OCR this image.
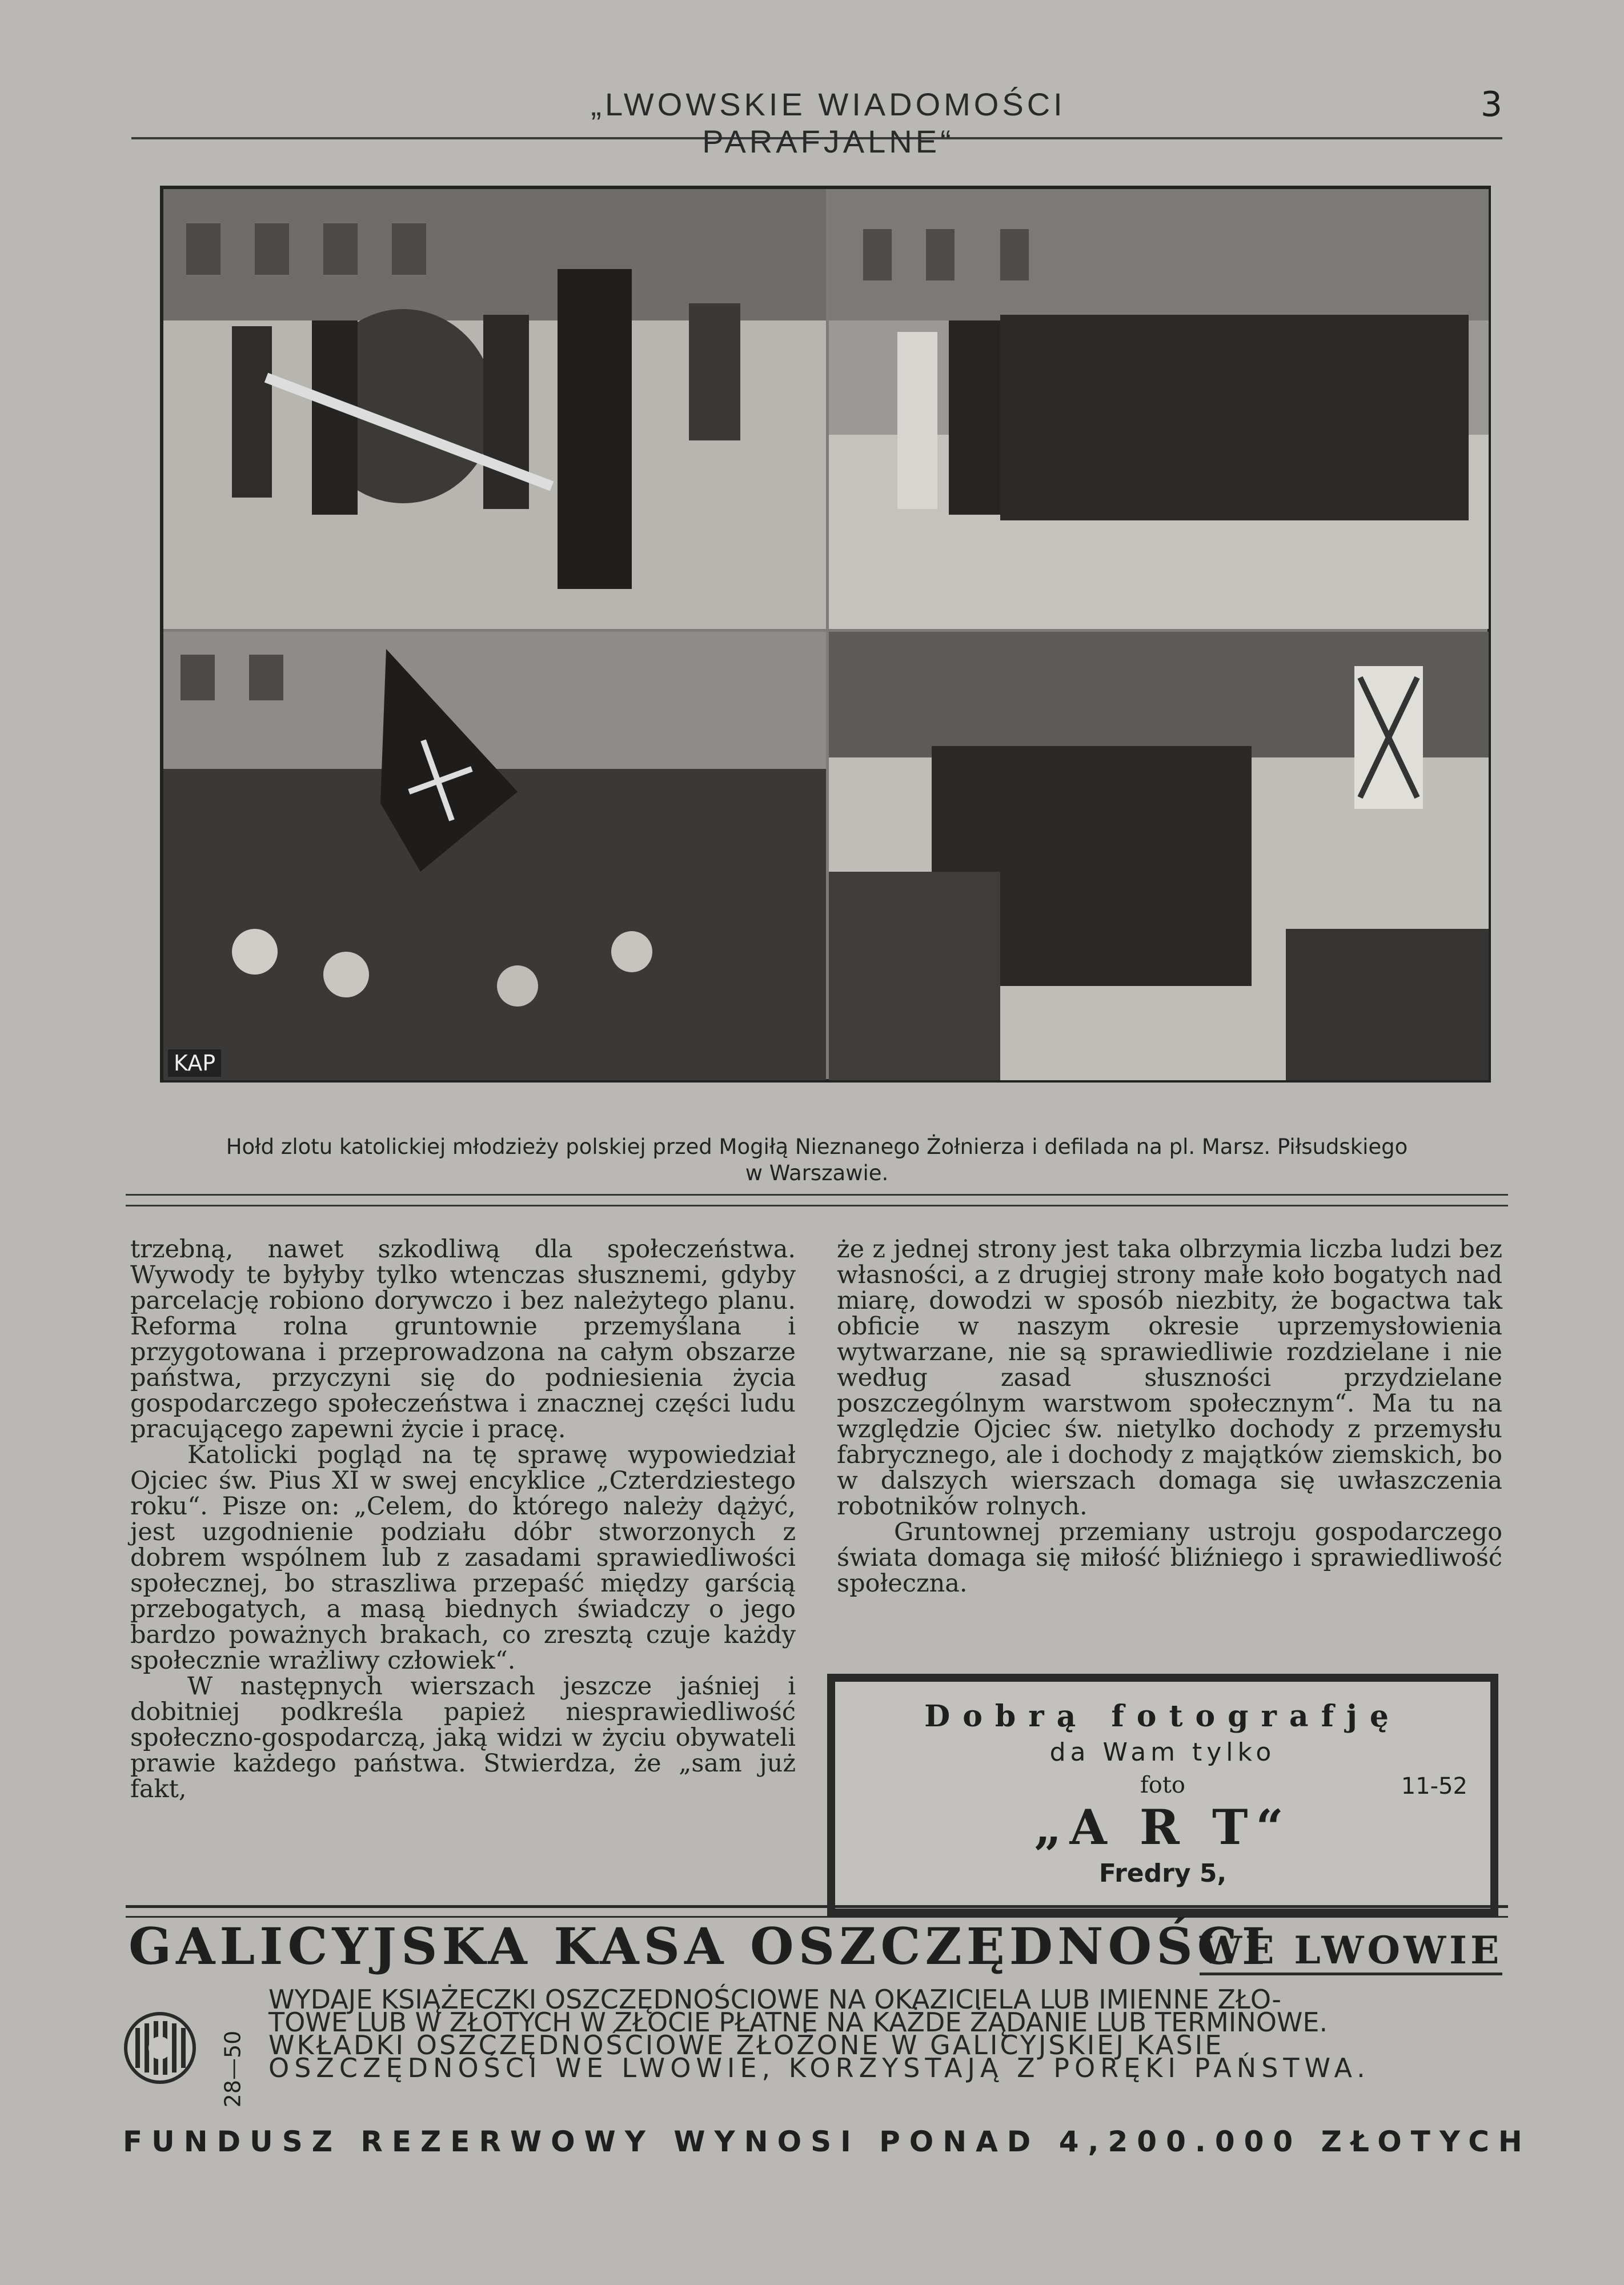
„LWOWSKIE WIADOMOŚCI PARAFJALNE“
3
KAP
Hołd zlotu katolickiej młodzieży polskiej przed Mogiłą Nieznanego Żołnierza i defilada na pl. Marsz. Piłsudskiego
w Warszawie.

trzebną, nawet szkodliwą dla społeczeństwa. Wywody te byłyby tylko wtenczas słusznemi, gdyby parcelację robiono dorywczo i bez należytego planu. Reforma rolna gruntownie przemyślana i przygotowana i przeprowadzona na całym obszarze państwa, przyczyni się do podniesienia życia gospodarczego społeczeństwa i znacznej części ludu pracującego zapewni życie i pracę.

Katolicki pogląd na tę sprawę wypowiedział Ojciec św. Pius XI w swej encyklice „Czterdziestego roku“. Pisze on: „Celem, do którego należy dążyć, jest uzgodnienie podziału dóbr stworzonych z dobrem wspólnem lub z zasadami sprawiedliwości społecznej, bo straszliwa przepaść między garścią przebogatych, a masą biednych świadczy o jego bardzo poważnych brakach, co zresztą czuje każdy społecznie wrażliwy człowiek“.

W następnych wierszach jeszcze jaśniej i dobitniej podkreśla papież niesprawiedliwość społeczno-gospodarczą, jaką widzi w życiu obywateli prawie każdego państwa. Stwierdza, że „sam już fakt,

że z jednej strony jest taka olbrzymia liczba ludzi bez własności, a z drugiej strony małe koło bogatych nad miarę, dowodzi w sposób niezbity, że bogactwa tak obficie w naszym okresie uprzemysłowienia wytwarzane, nie są sprawiedliwie rozdzielane i nie według zasad słuszności przydzielane poszczególnym warstwom społecznym“. Ma tu na względzie Ojciec św. nietylko dochody z przemysłu fabrycznego, ale i dochody z majątków ziemskich, bo w dalszych wierszach domaga się uwłaszczenia robotników rolnych.

Gruntownej przemiany ustroju gospodarczego świata domaga się miłość bliźniego i sprawiedliwość społeczna.

Dobrą fotografję
da Wam tylko
foto	11-52
„A R T“
Fredry 5,
GALICYJSKA KASA OSZCZĘDNOŚCI
WE LWOWIE
28—50
WYDAJE KSIĄŻECZKI OSZCZĘDNOŚCIOWE NA OKAZICIELA LUB IMIENNE ZŁO-
TOWE LUB W ZŁOTYCH W ZŁOCIE PŁATNE NA KAŻDE ŻĄDANIE LUB TERMINOWE.
WKŁADKI OSZCZĘDNOŚCIOWE ZŁOŻONE W GALICYJSKIEJ KASIE
OSZCZĘDNOŚCI WE LWOWIE, KORZYSTAJĄ Z PORĘKI PAŃSTWA.
FUNDUSZ REZERWOWY WYNOSI PONAD 4,200.000 ZŁOTYCH
